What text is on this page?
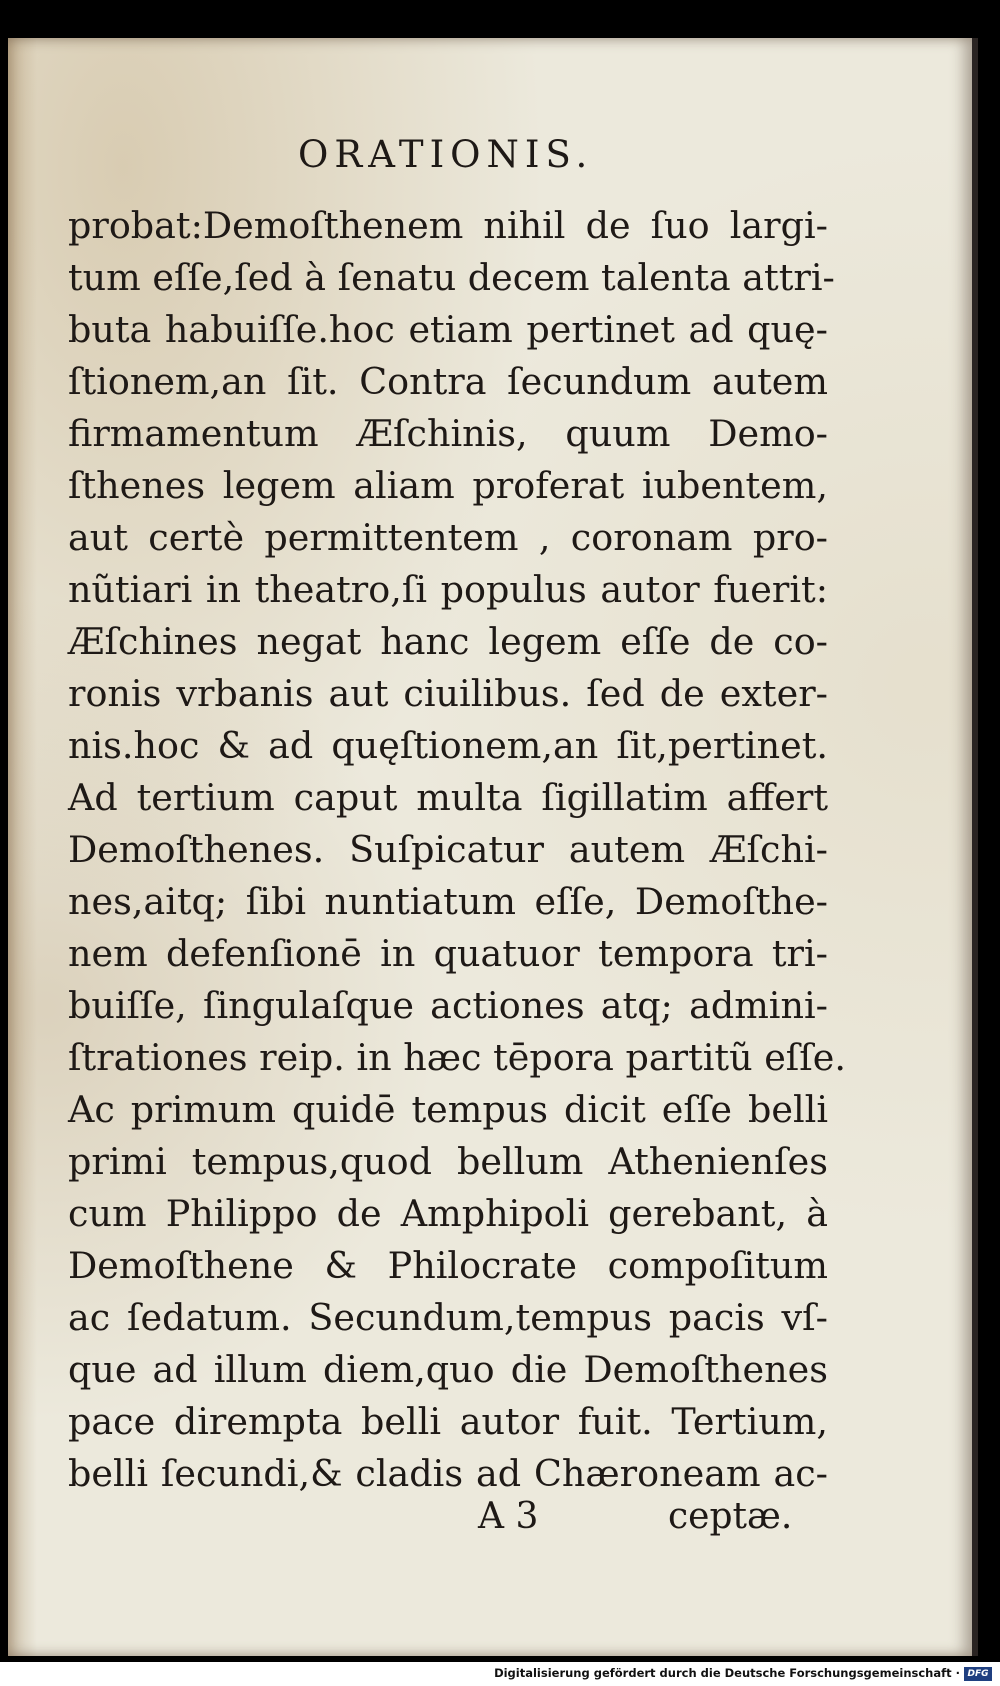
ORATIONIS.
probat:Demoſthenem nihil de ſuo largi-
tum eſſe,ſed à ſenatu decem talenta attri-
buta habuiſſe.hoc etiam pertinet ad quę-
ſtionem,an ſit. Contra ſecundum autem
firmamentum Æſchinis, quum Demo-
ſthenes legem aliam proferat iubentem,
aut certè permittentem , coronam pro-
nũtiari in theatro,ſi populus autor fuerit:
Æſchines negat hanc legem eſſe de co-
ronis vrbanis aut ciuilibus. ſed de exter-
nis.hoc & ad quęſtionem,an ſit,pertinet.
Ad tertium caput multa ſigillatim affert
Demoſthenes. Suſpicatur autem Æſchi-
nes,aitq; ſibi nuntiatum eſſe, Demoſthe-
nem defenſionē in quatuor tempora tri-
buiſſe, ſingulaſque actiones atq; admini-
ſtrationes reip. in hæc tēpora partitũ eſſe.
Ac primum quidē tempus dicit eſſe belli
primi tempus,quod bellum Athenienſes
cum Philippo de Amphipoli gerebant, à
Demoſthene & Philocrate compoſitum
ac ſedatum. Secundum,tempus pacis vſ-
que ad illum diem,quo die Demoſthenes
pace dirempta belli autor fuit. Tertium,
belli ſecundi,& cladis ad Chæroneam ac-
A 3	ceptæ.
Digitalisierung gefördert durch die Deutsche Forschungsgemeinschaft · DFG
